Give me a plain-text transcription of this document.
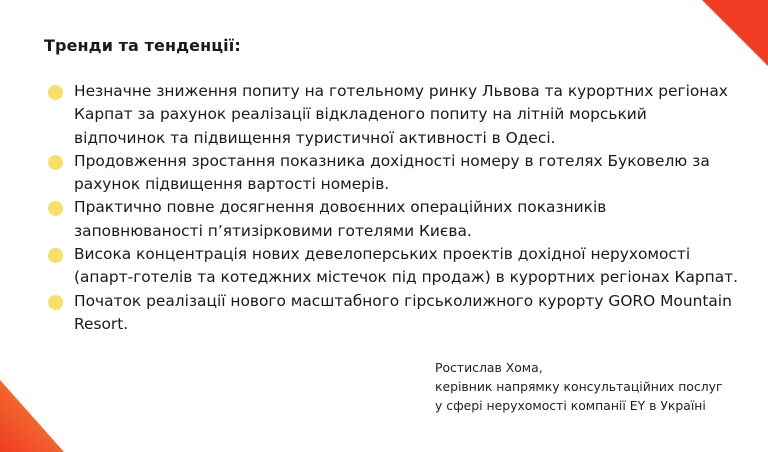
Тренди та тенденції:
Незначне зниження попиту на готельному ринку Львова та курортних регіонах Карпат за рахунок реалізації відкладеного попиту на літній морський відпочинок та підвищення туристичної активності в Одесі.
Продовження зростання показника дохідності номеру в готелях Буковелю за рахунок підвищення вартості номерів.
Практично повне досягнення довоєнних операційних показників заповнюваності п’ятизірковими готелями Києва.
Висока концентрація нових девелоперських проектів дохідної нерухомості (апарт-готелів та котеджних містечок під продаж) в курортних регіонах Карпат.
Початок реалізації нового масштабного гірськолижного курорту GORO Mountain Resort.
Ростислав Хома,
керівник напрямку консультаційних послуг
у сфері нерухомості компанії EY в Україні
